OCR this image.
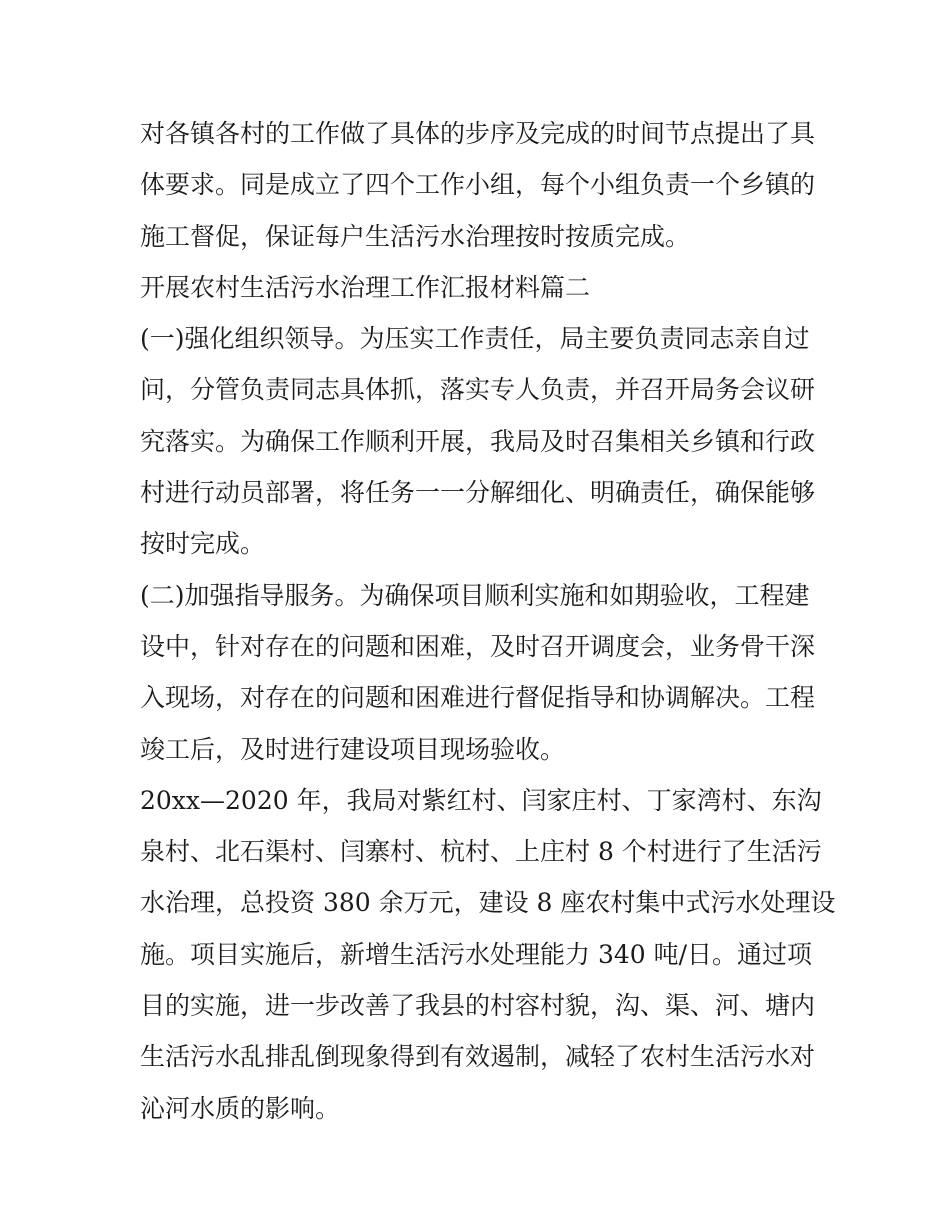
对各镇各村的工作做了具体的步序及完成的时间节点提出了具
体要求。同是成立了四个工作小组，每个小组负责一个乡镇的
施工督促，保证每户生活污水治理按时按质完成。
开展农村生活污水治理工作汇报材料篇二
(一)强化组织领导。为压实工作责任，局主要负责同志亲自过
问，分管负责同志具体抓，落实专人负责，并召开局务会议研
究落实。为确保工作顺利开展，我局及时召集相关乡镇和行政
村进行动员部署，将任务一一分解细化、明确责任，确保能够
按时完成。
(二)加强指导服务。为确保项目顺利实施和如期验收，工程建
设中，针对存在的问题和困难，及时召开调度会，业务骨干深
入现场，对存在的问题和困难进行督促指导和协调解决。工程
竣工后，及时进行建设项目现场验收。
20xx—2020 年，我局对紫红村、闫家庄村、丁家湾村、东沟
泉村、北石渠村、闫寨村、杭村、上庄村 8 个村进行了生活污
水治理，总投资 380 余万元，建设 8 座农村集中式污水处理设
施。项目实施后，新增生活污水处理能力 340 吨/日。通过项
目的实施，进一步改善了我县的村容村貌，沟、渠、河、塘内
生活污水乱排乱倒现象得到有效遏制，减轻了农村生活污水对
沁河水质的影响。
